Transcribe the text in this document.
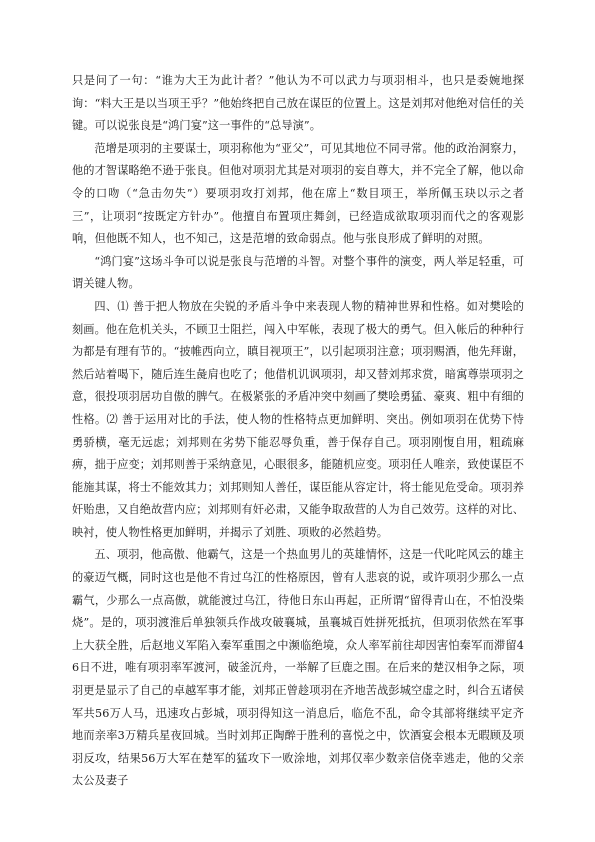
只是问了一句：“谁为大王为此计者？”他认为不可以武力与项羽相斗，也只是委婉地探询：“料大王是以当项王乎？”他始终把自己放在谋臣的位置上。这是刘邦对他绝对信任的关键。可以说张良是“鸿门宴”这一事件的“总导演”。

范增是项羽的主要谋士，项羽称他为“亚父”，可见其地位不同寻常。他的政治洞察力，他的才智谋略绝不逊于张良。但他对项羽尤其是对项羽的妄自尊大，并不完全了解，他以命令的口吻（“急击勿失”）要项羽攻打刘邦，他在席上“数目项王，举所佩玉玦以示之者三”，让项羽“按既定方针办”。他擅自布置项庄舞剑，已经造成欲取项羽而代之的客观影响，但他既不知人，也不知己，这是范增的致命弱点。他与张良形成了鲜明的对照。

“鸿门宴”这场斗争可以说是张良与范增的斗智。对整个事件的演变，两人举足轻重，可谓关键人物。

四、⑴ 善于把人物放在尖锐的矛盾斗争中来表现人物的精神世界和性格。如对樊哙的刻画。他在危机关头，不顾卫士阻拦，闯入中军帐，表现了极大的勇气。但入帐后的种种行为都是有理有节的。“披帷西向立，瞋目视项王”，以引起项羽注意；项羽赐酒，他先拜谢，然后站着喝下，随后连生彘肩也吃了；他借机讥讽项羽，却又替刘邦求赏，暗寓尊崇项羽之意，很投项羽居功自傲的脾气。在极紧张的矛盾冲突中刻画了樊哙勇猛、豪爽、粗中有细的性格。⑵ 善于运用对比的手法，使人物的性格特点更加鲜明、突出。例如项羽在优势下恃勇骄横，毫无远虑；刘邦则在劣势下能忍辱负重，善于保存自己。项羽刚愎自用，粗疏麻痹，拙于应变；刘邦则善于采纳意见，心眼很多，能随机应变。项羽任人唯亲，致使谋臣不能施其谋，将士不能效其力；刘邦则知人善任，谋臣能从容定计，将士能见危受命。项羽养奸贻患，又自绝故营内应；刘邦则有奸必肃，又能争取敌营的人为自己效劳。这样的对比、映衬，使人物性格更加鲜明，并揭示了刘胜、项败的必然趋势。

五、项羽，他高傲、他霸气，这是一个热血男儿的英雄情怀，这是一代叱咤风云的雄主的豪迈气概，同时这也是他不肯过乌江的性格原因，曾有人悲哀的说，或许项羽少那么一点霸气，少那么一点高傲，就能渡过乌江，待他日东山再起，正所谓“留得青山在，不怕没柴烧”。是的，项羽渡淮后单独领兵作战攻破襄城，虽襄城百姓拼死抵抗，但项羽依然在军事上大获全胜，后赵地义军陷入秦军重围之中濒临绝境，众人率军前往却因害怕秦军而滞留46日不进，唯有项羽率军渡河，破釜沉舟，一举解了巨鹿之围。在后来的楚汉相争之际，项羽更是显示了自己的卓越军事才能，刘邦正曾趁项羽在齐地苦战彭城空虚之时，纠合五诸侯军共56万人马，迅速攻占彭城，项羽得知这一消息后，临危不乱，命令其部将继续平定齐地而亲率3万精兵星夜回城。当时刘邦正陶醉于胜利的喜悦之中，饮酒宴会根本无暇顾及项羽反攻，结果56万大军在楚军的猛攻下一败涂地，刘邦仅率少数亲信侥幸逃走，他的父亲太公及妻子
